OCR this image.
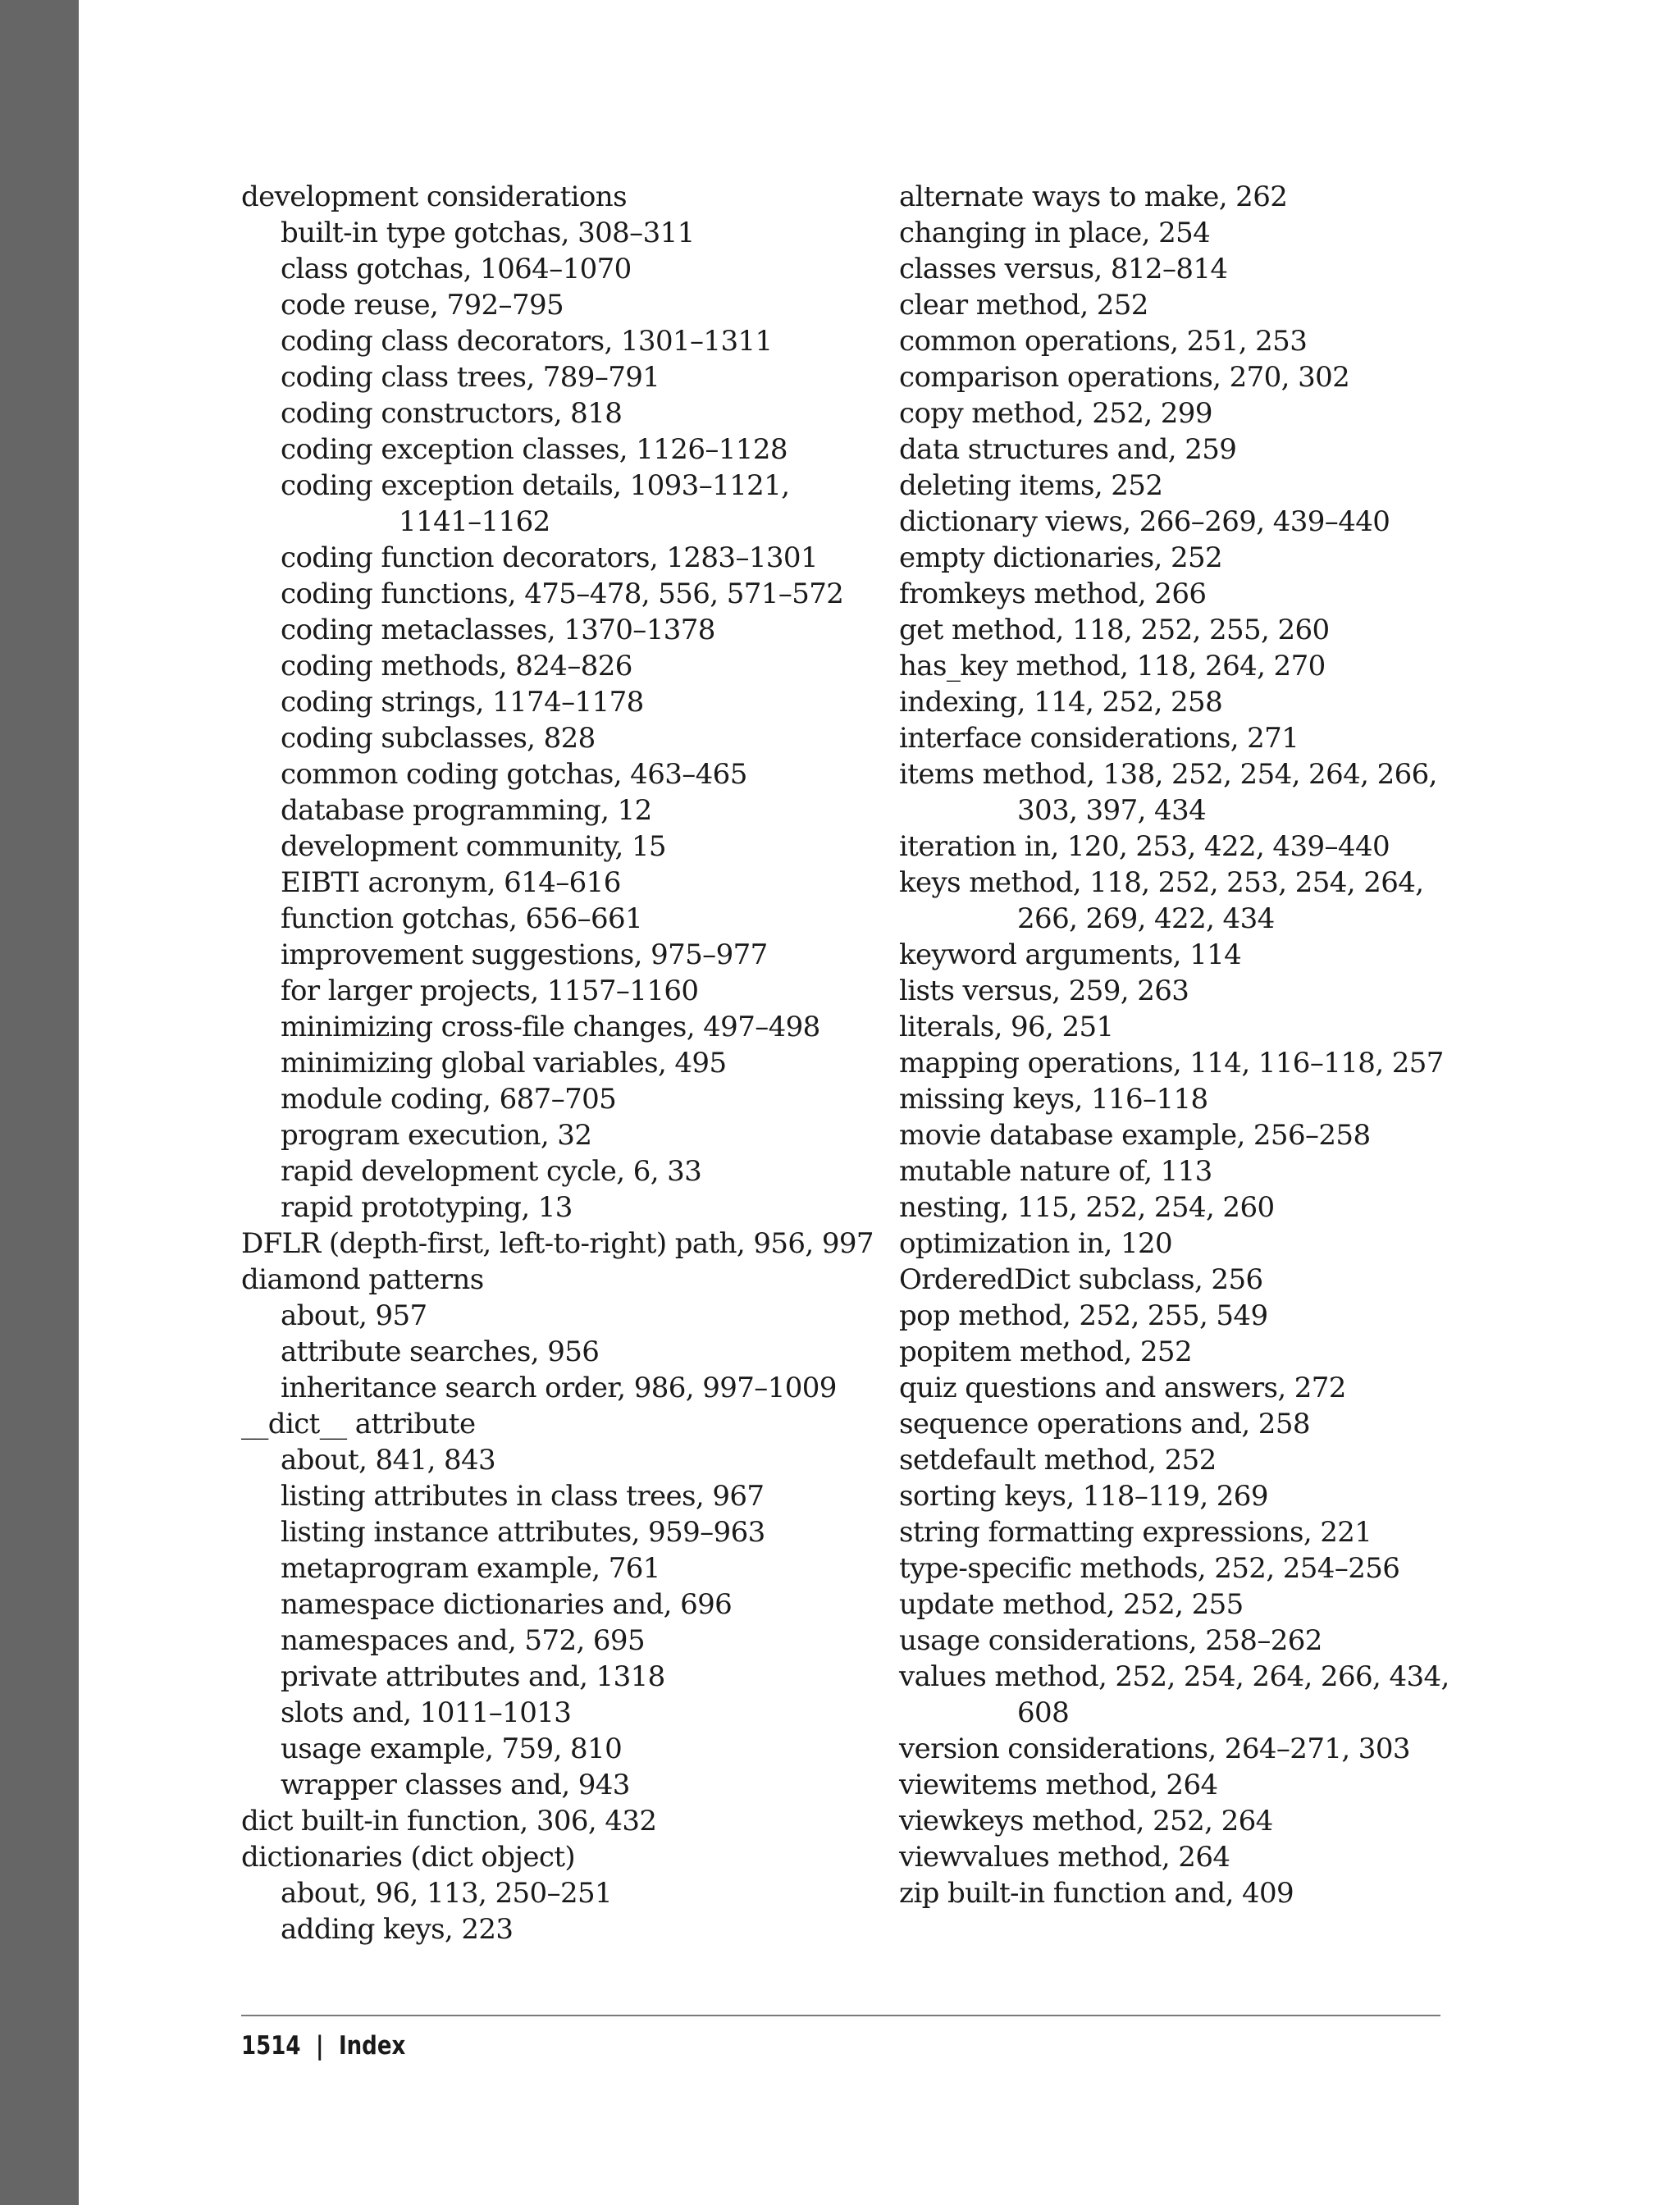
development considerations
built-in type gotchas, 308–311
class gotchas, 1064–1070
code reuse, 792–795
coding class decorators, 1301–1311
coding class trees, 789–791
coding constructors, 818
coding exception classes, 1126–1128
coding exception details, 1093–1121, 1141–1162
coding function decorators, 1283–1301
coding functions, 475–478, 556, 571–572
coding metaclasses, 1370–1378
coding methods, 824–826
coding strings, 1174–1178
coding subclasses, 828
common coding gotchas, 463–465
database programming, 12
development community, 15
EIBTI acronym, 614–616
function gotchas, 656–661
improvement suggestions, 975–977
for larger projects, 1157–1160
minimizing cross-file changes, 497–498
minimizing global variables, 495
module coding, 687–705
program execution, 32
rapid development cycle, 6, 33
rapid prototyping, 13
DFLR (depth-first, left-to-right) path, 956, 997
diamond patterns
about, 957
attribute searches, 956
inheritance search order, 986, 997–1009
__dict__ attribute
about, 841, 843
listing attributes in class trees, 967
listing instance attributes, 959–963
metaprogram example, 761
namespace dictionaries and, 696
namespaces and, 572, 695
private attributes and, 1318
slots and, 1011–1013
usage example, 759, 810
wrapper classes and, 943
dict built-in function, 306, 432
dictionaries (dict object)
about, 96, 113, 250–251
adding keys, 223
alternate ways to make, 262
changing in place, 254
classes versus, 812–814
clear method, 252
common operations, 251, 253
comparison operations, 270, 302
copy method, 252, 299
data structures and, 259
deleting items, 252
dictionary views, 266–269, 439–440
empty dictionaries, 252
fromkeys method, 266
get method, 118, 252, 255, 260
has_key method, 118, 264, 270
indexing, 114, 252, 258
interface considerations, 271
items method, 138, 252, 254, 264, 266, 303, 397, 434
iteration in, 120, 253, 422, 439–440
keys method, 118, 252, 253, 254, 264, 266, 269, 422, 434
keyword arguments, 114
lists versus, 259, 263
literals, 96, 251
mapping operations, 114, 116–118, 257
missing keys, 116–118
movie database example, 256–258
mutable nature of, 113
nesting, 115, 252, 254, 260
optimization in, 120
OrderedDict subclass, 256
pop method, 252, 255, 549
popitem method, 252
quiz questions and answers, 272
sequence operations and, 258
setdefault method, 252
sorting keys, 118–119, 269
string formatting expressions, 221
type-specific methods, 252, 254–256
update method, 252, 255
usage considerations, 258–262
values method, 252, 254, 264, 266, 434, 608
version considerations, 264–271, 303
viewitems method, 264
viewkeys method, 252, 264
viewvalues method, 264
zip built-in function and, 409
1514 | Index
